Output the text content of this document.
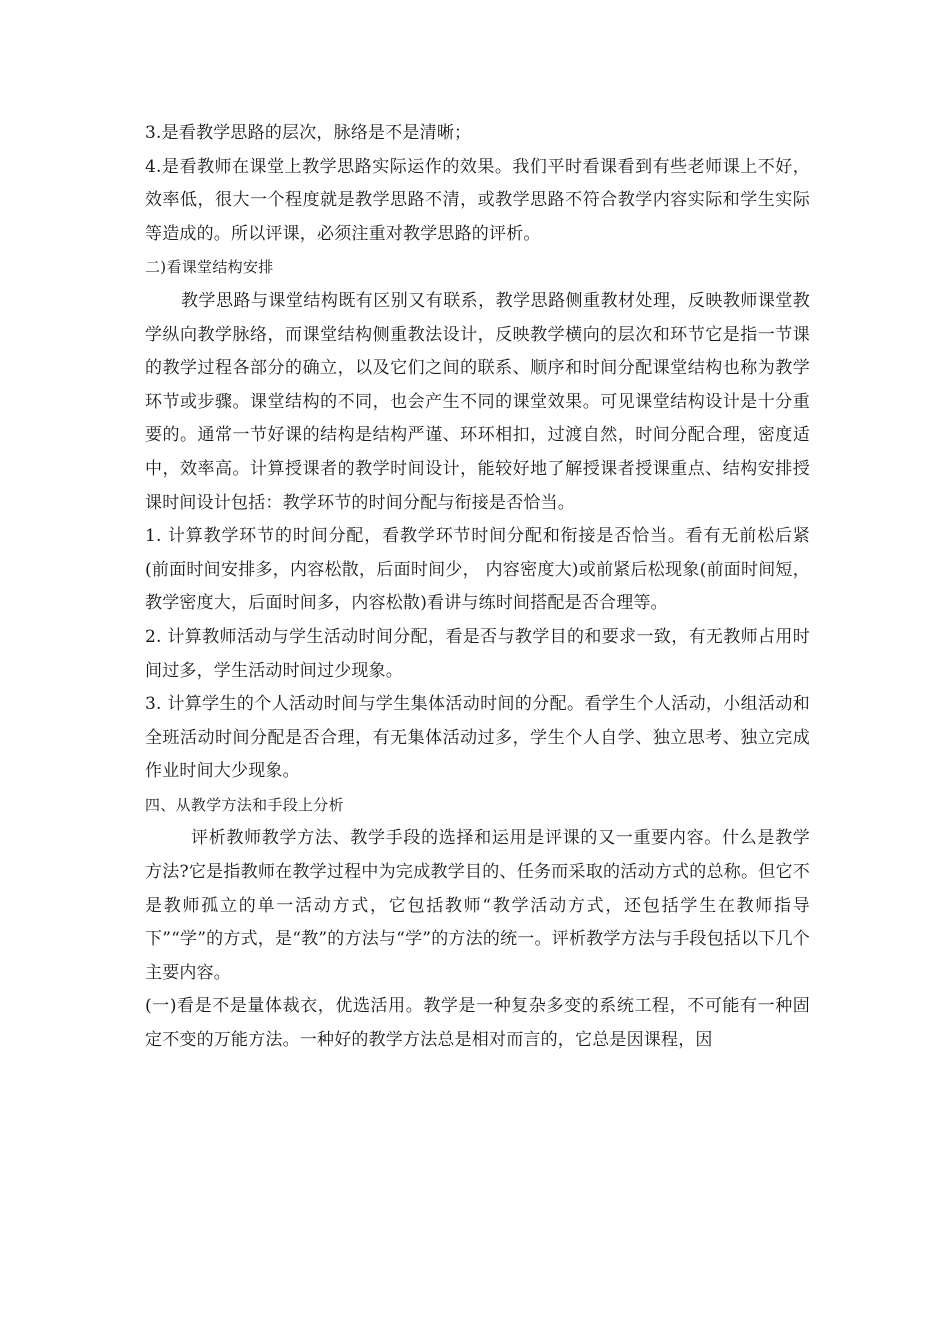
3.是看教学思路的层次，脉络是不是清晰；

4.是看教师在课堂上教学思路实际运作的效果。我们平时看课看到有些老师课上不好，效率低，很大一个程度就是教学思路不清，或教学思路不符合教学内容实际和学生实际等造成的。所以评课，必须注重对教学思路的评析。

二)看课堂结构安排

教学思路与课堂结构既有区别又有联系，教学思路侧重教材处理，反映教师课堂教学纵向教学脉络，而课堂结构侧重教法设计，反映教学横向的层次和环节它是指一节课的教学过程各部分的确立，以及它们之间的联系、顺序和时间分配课堂结构也称为教学环节或步骤。课堂结构的不同，也会产生不同的课堂效果。可见课堂结构设计是十分重要的。通常一节好课的结构是结构严谨、环环相扣，过渡自然，时间分配合理，密度适中，效率高。计算授课者的教学时间设计，能较好地了解授课者授课重点、结构安排授课时间设计包括：教学环节的时间分配与衔接是否恰当。

1. 计算教学环节的时间分配，看教学环节时间分配和衔接是否恰当。看有无前松后紧(前面时间安排多，内容松散，后面时间少， 内容密度大)或前紧后松现象(前面时间短，教学密度大，后面时间多，内容松散)看讲与练时间搭配是否合理等。

2. 计算教师活动与学生活动时间分配，看是否与教学目的和要求一致，有无教师占用时间过多，学生活动时间过少现象。

3. 计算学生的个人活动时间与学生集体活动时间的分配。看学生个人活动，小组活动和全班活动时间分配是否合理，有无集体活动过多，学生个人自学、独立思考、独立完成作业时间大少现象。

四、从教学方法和手段上分析

评析教师教学方法、教学手段的选择和运用是评课的又一重要内容。什么是教学方法?它是指教师在教学过程中为完成教学目的、任务而采取的活动方式的总称。但它不是教师孤立的单一活动方式，它包括教师“教学活动方式，还包括学生在教师指导下”“学”的方式，是“教”的方法与“学”的方法的统一。评析教学方法与手段包括以下几个主要内容。

(一)看是不是量体裁衣，优选活用。教学是一种复杂多变的系统工程，不可能有一种固定不变的万能方法。一种好的教学方法总是相对而言的，它总是因课程，因
